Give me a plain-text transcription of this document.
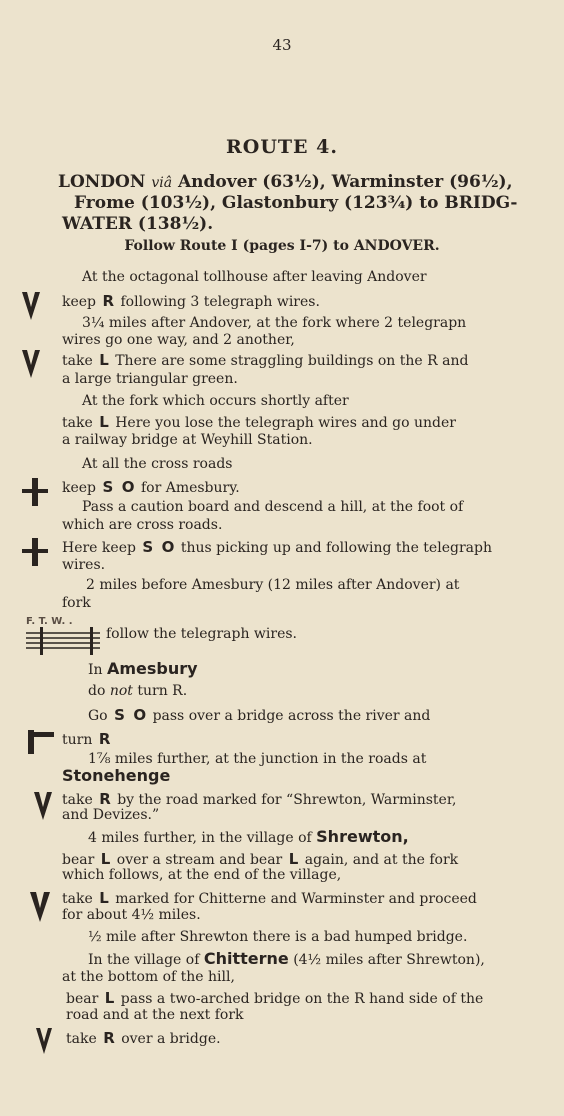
43
ROUTE 4.
LONDON viâ Andover (63½), Warminster (96½),
Frome (103½), Glastonbury (123¾) to BRIDG-
WATER (138½).
Follow Route I (pages I-7) to ANDOVER.
F. T. W. .
At the octagonal tollhouse after leaving Andover
keep R following 3 telegraph wires.
3¼ miles after Andover, at the fork where 2 telegrapn
wires go one way, and 2 another,
take L There are some straggling buildings on the R and
a large triangular green.
At the fork which occurs shortly after
take L Here you lose the telegraph wires and go under
a railway bridge at Weyhill Station.
At all the cross roads
keep S O for Amesbury.
Pass a caution board and descend a hill, at the foot of
which are cross roads.
Here keep S O thus picking up and following the telegraph
wires.
2 miles before Amesbury (12 miles after Andover) at
fork
follow the telegraph wires.
In Amesbury
do not turn R.
Go S O pass over a bridge across the river and
turn R
1⅞ miles further, at the junction in the roads at
Stonehenge
take R by the road marked for “Shrewton, Warminster,
and Devizes.”
4 miles further, in the village of Shrewton,
bear L over a stream and bear L again, and at the fork
which follows, at the end of the village,
take L marked for Chitterne and Warminster and proceed
for about 4½ miles.
½ mile after Shrewton there is a bad humped bridge.
In the village of Chitterne (4½ miles after Shrewton),
at the bottom of the hill,
bear L pass a two-arched bridge on the R hand side of the
road and at the next fork
take R over a bridge.
